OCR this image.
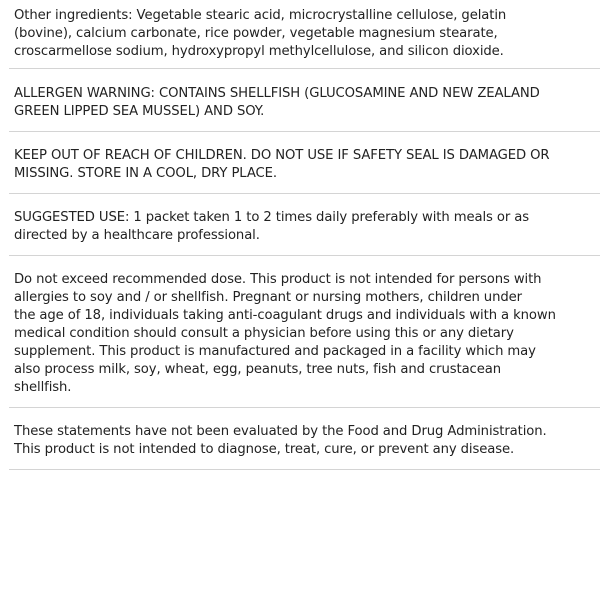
Other ingredients: Vegetable stearic acid, microcrystalline cellulose, gelatin
(bovine), calcium carbonate, rice powder, vegetable magnesium stearate,
croscarmellose sodium, hydroxypropyl methylcellulose, and silicon dioxide.
ALLERGEN WARNING: CONTAINS SHELLFISH (GLUCOSAMINE AND NEW ZEALAND
GREEN LIPPED SEA MUSSEL) AND SOY.
KEEP OUT OF REACH OF CHILDREN. DO NOT USE IF SAFETY SEAL IS DAMAGED OR
MISSING. STORE IN A COOL, DRY PLACE.
SUGGESTED USE: 1 packet taken 1 to 2 times daily preferably with meals or as
directed by a healthcare professional.
Do not exceed recommended dose. This product is not intended for persons with
allergies to soy and / or shellfish. Pregnant or nursing mothers, children under
the age of 18, individuals taking anti-coagulant drugs and individuals with a known
medical condition should consult a physician before using this or any dietary
supplement. This product is manufactured and packaged in a facility which may
also process milk, soy, wheat, egg, peanuts, tree nuts, fish and crustacean
shellfish.
These statements have not been evaluated by the Food and Drug Administration.
This product is not intended to diagnose, treat, cure, or prevent any disease.
